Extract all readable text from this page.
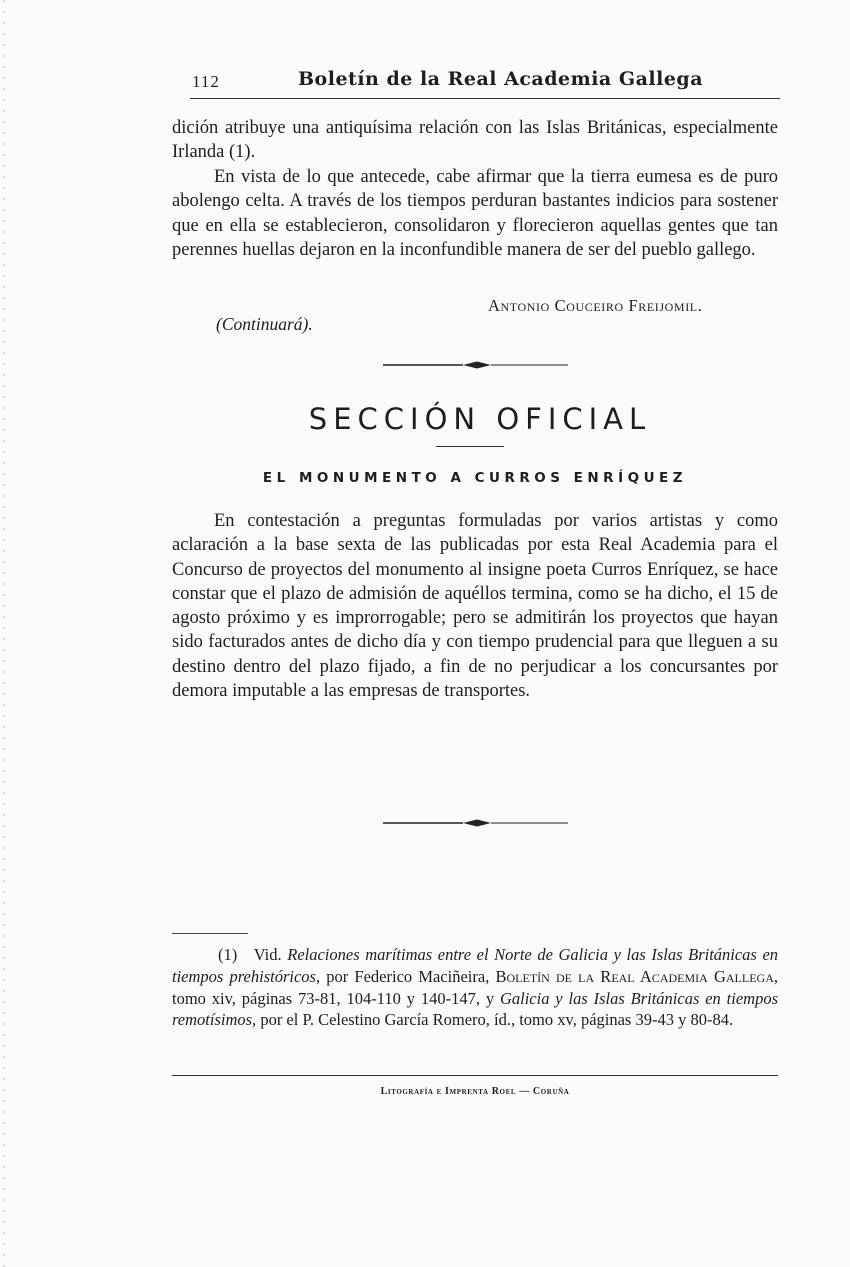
112	Boletín de la Real Academia Gallega

dición atribuye una antiquísima relación con las Islas Británicas, especialmente Irlanda (1).

En vista de lo que antecede, cabe afirmar que la tierra eumesa es de puro abolengo celta. A través de los tiempos perduran bastantes indicios para sostener que en ella se establecieron, consolidaron y florecieron aquellas gentes que tan perennes huellas dejaron en la inconfundible manera de ser del pueblo gallego.

Antonio Couceiro Freijomil.
(Continuará).
SECCIÓN OFICIAL
EL MONUMENTO A CURROS ENRÍQUEZ

En contestación a preguntas formuladas por varios artistas y como aclaración a la base sexta de las publicadas por esta Real Academia para el Concurso de proyectos del monumento al insigne poeta Curros Enríquez, se hace constar que el plazo de admisión de aquéllos termina, como se ha dicho, el 15 de agosto próximo y es improrrogable; pero se admitirán los proyectos que hayan sido facturados antes de dicho día y con tiempo prudencial para que lleguen a su destino dentro del plazo fijado, a fin de no perjudicar a los concursantes por demora imputable a las empresas de transportes.

(1) Vid. Relaciones marítimas entre el Norte de Galicia y las Islas Británicas en tiempos prehistóricos, por Federico Maciñeira, Boletín de la Real Academia Gallega, tomo xiv, páginas 73-81, 104-110 y 140-147, y Galicia y las Islas Británicas en tiempos remotísimos, por el P. Celestino García Romero, íd., tomo xv, páginas 39-43 y 80-84.

Litografía e Imprenta Roel — Coruña
